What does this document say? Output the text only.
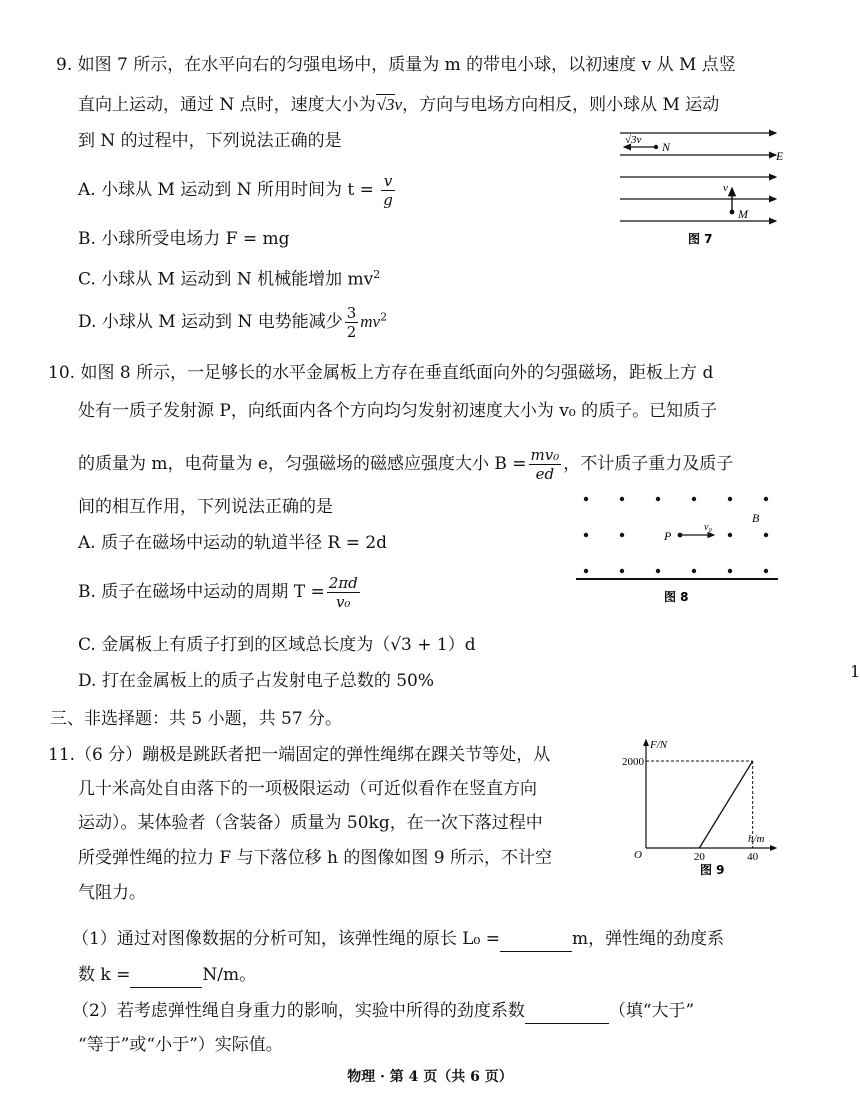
9. 如图 7 所示，在水平向右的匀强电场中，质量为 m 的带电小球，以初速度 v 从 M 点竖
直向上运动，通过 N 点时，速度大小为√3v，方向与电场方向相反，则小球从 M 运动
到 N 的过程中，下列说法正确的是
A. 小球从 M 运动到 N 所用时间为 $t = \frac{v}{g}$
B. 小球所受电场力 F = mg
C. 小球从 M 运动到 N 机械能增加 $mv^2$
D. 小球从 M 运动到 N 电势能减少 $\frac{3}{2} mv^2$
√3v N
E
v
M
图 7
10. 如图 8 所示，一足够长的水平金属板上方存在垂直纸面向外的匀强磁场，距板上方 d
处有一质子发射源 P，向纸面内各个方向均匀发射初速度大小为 v₀ 的质子。已知质子
的质量为 m，电荷量为 e，匀强磁场的磁感应强度大小 $B = \frac{\text{mv₀}}{ed}$ ，不计质子重力及质子
间的相互作用，下列说法正确的是
A. 质子在磁场中运动的轨道半径 R = 2d
B. 质子在磁场中运动的周期 $T = \frac{2\pi d}{\text{v₀}}$
C. 金属板上有质子打到的区域总长度为（√3 + 1）d
D. 打在金属板上的质子占发射电子总数的 50%
P
v₀
B
图 8
1
三、非选择题：共 5 小题，共 57 分。
11.（6 分）蹦极是跳跃者把一端固定的弹性绳绑在踝关节等处，从
几十米高处自由落下的一项极限运动（可近似看作在竖直方向
运动）。某体验者（含装备）质量为 50kg，在一次下落过程中
所受弹性绳的拉力 F 与下落位移 h 的图像如图 9 所示，不计空
气阻力。
（1）通过对图像数据的分析可知，该弹性绳的原长 L₀ =	m，弹性绳的劲度系
数 k =	N/m。
（2）若考虑弹性绳自身重力的影响，实验中所得的劲度系数	（填“大于”
“等于”或“小于”）实际值。
F/N
h/m
O
2000
20	40
图 9
物理 · 第 4 页（共 6 页）
